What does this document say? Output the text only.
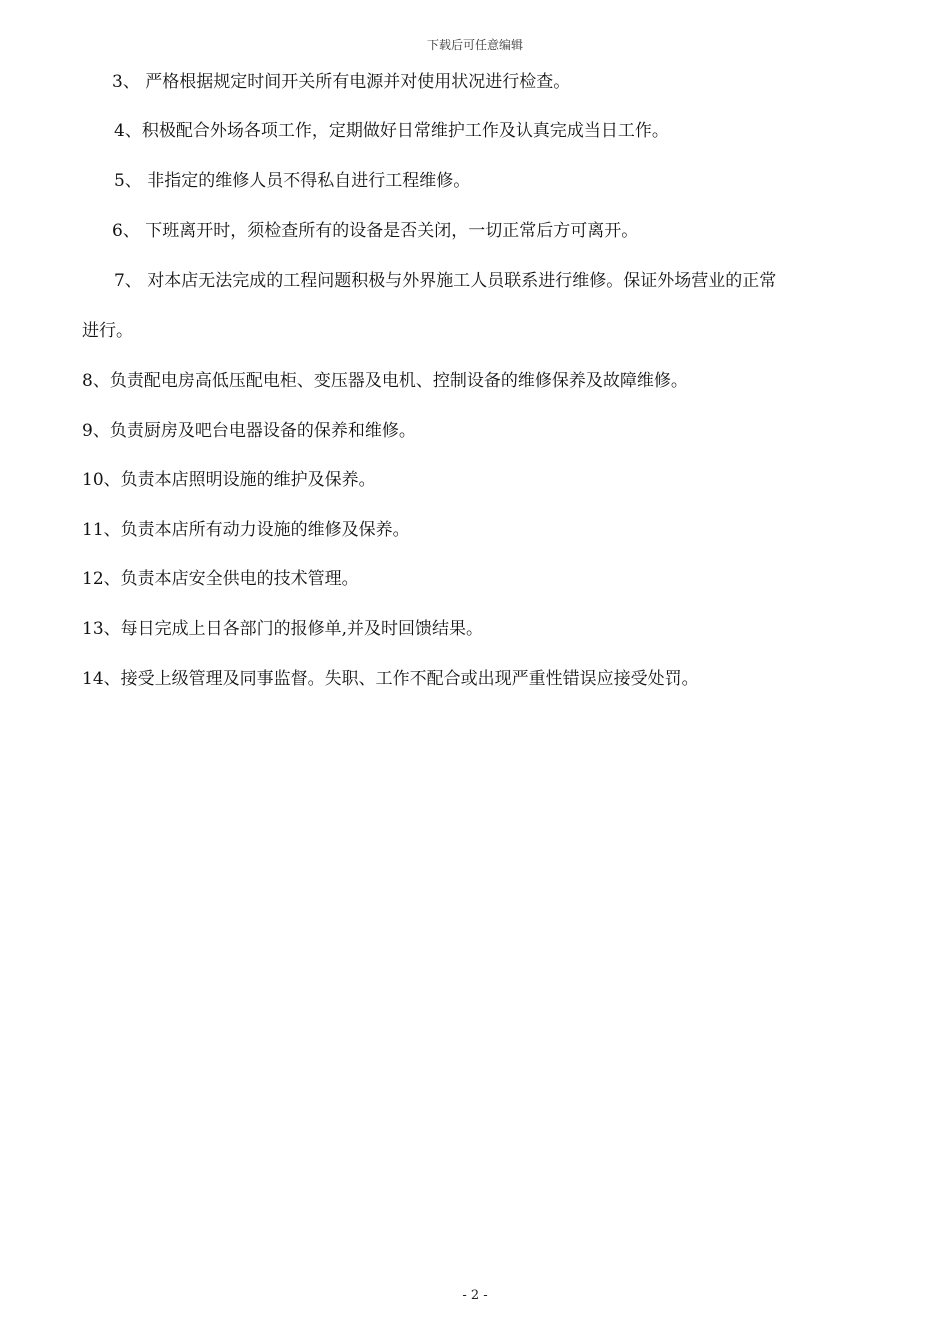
下载后可任意编辑
3、 严格根据规定时间开关所有电源并对使用状况进行检查。
4、积极配合外场各项工作，定期做好日常维护工作及认真完成当日工作。
5、 非指定的维修人员不得私自进行工程维修。
6、 下班离开时，须检查所有的设备是否关闭，一切正常后方可离开。
7、 对本店无法完成的工程问题积极与外界施工人员联系进行维修。保证外场营业的正常
进行。
8、负责配电房高低压配电柜、变压器及电机、控制设备的维修保养及故障维修。
9、负责厨房及吧台电器设备的保养和维修。
10、负责本店照明设施的维护及保养。
11、负责本店所有动力设施的维修及保养。
12、负责本店安全供电的技术管理。
13、每日完成上日各部门的报修单,并及时回馈结果。
14、接受上级管理及同事监督。失职、工作不配合或出现严重性错误应接受处罚。
- 2 -
